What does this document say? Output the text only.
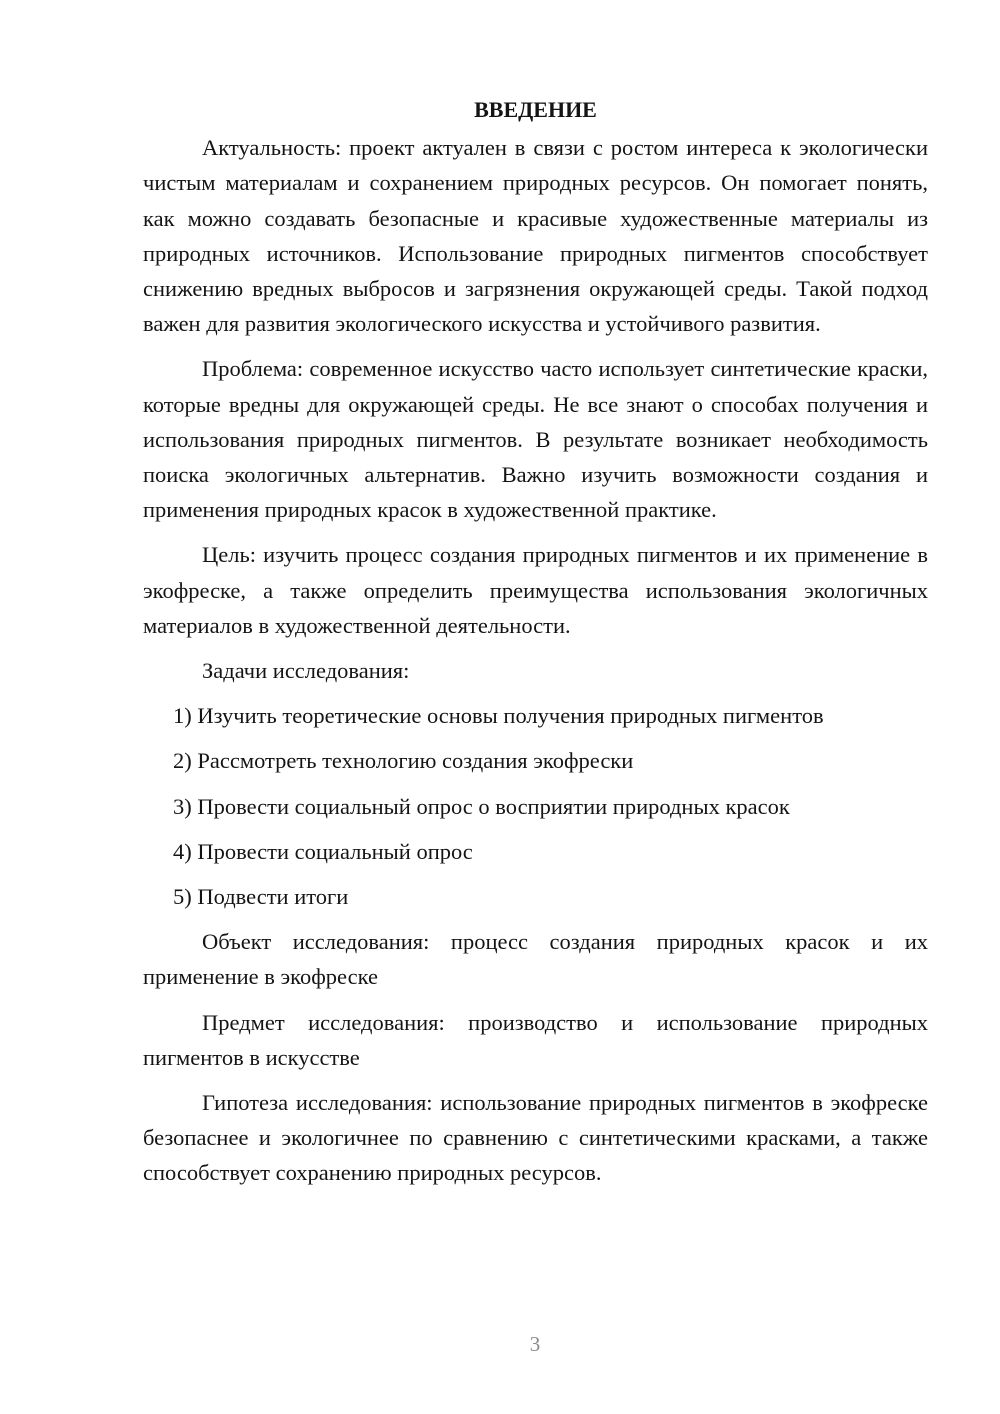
ВВЕДЕНИЕ

Актуальность: проект актуален в связи с ростом интереса к экологически чистым материалам и сохранением природных ресурсов. Он помогает понять, как можно создавать безопасные и красивые художественные материалы из природных источников. Использование природных пигментов способствует снижению вредных выбросов и загрязнения окружающей среды. Такой подход важен для развития экологического искусства и устойчивого развития.

Проблема: современное искусство часто использует синтетические краски, которые вредны для окружающей среды. Не все знают о способах получения и использования природных пигментов. В результате возникает необходимость поиска экологичных альтернатив. Важно изучить возможности создания и применения природных красок в художественной практике.

Цель: изучить процесс создания природных пигментов и их применение в экофреске, а также определить преимущества использования экологичных материалов в художественной деятельности.

Задачи исследования:

1) Изучить теоретические основы получения природных пигментов

2) Рассмотреть технологию создания экофрески

3) Провести социальный опрос о восприятии природных красок

4) Провести социальный опрос

5) Подвести итоги

Объект исследования: процесс создания природных красок и их применение в экофреске

Предмет исследования: производство и использование природных пигментов в искусстве

Гипотеза исследования: использование природных пигментов в экофреске безопаснее и экологичнее по сравнению с синтетическими красками, а также способствует сохранению природных ресурсов.

3
